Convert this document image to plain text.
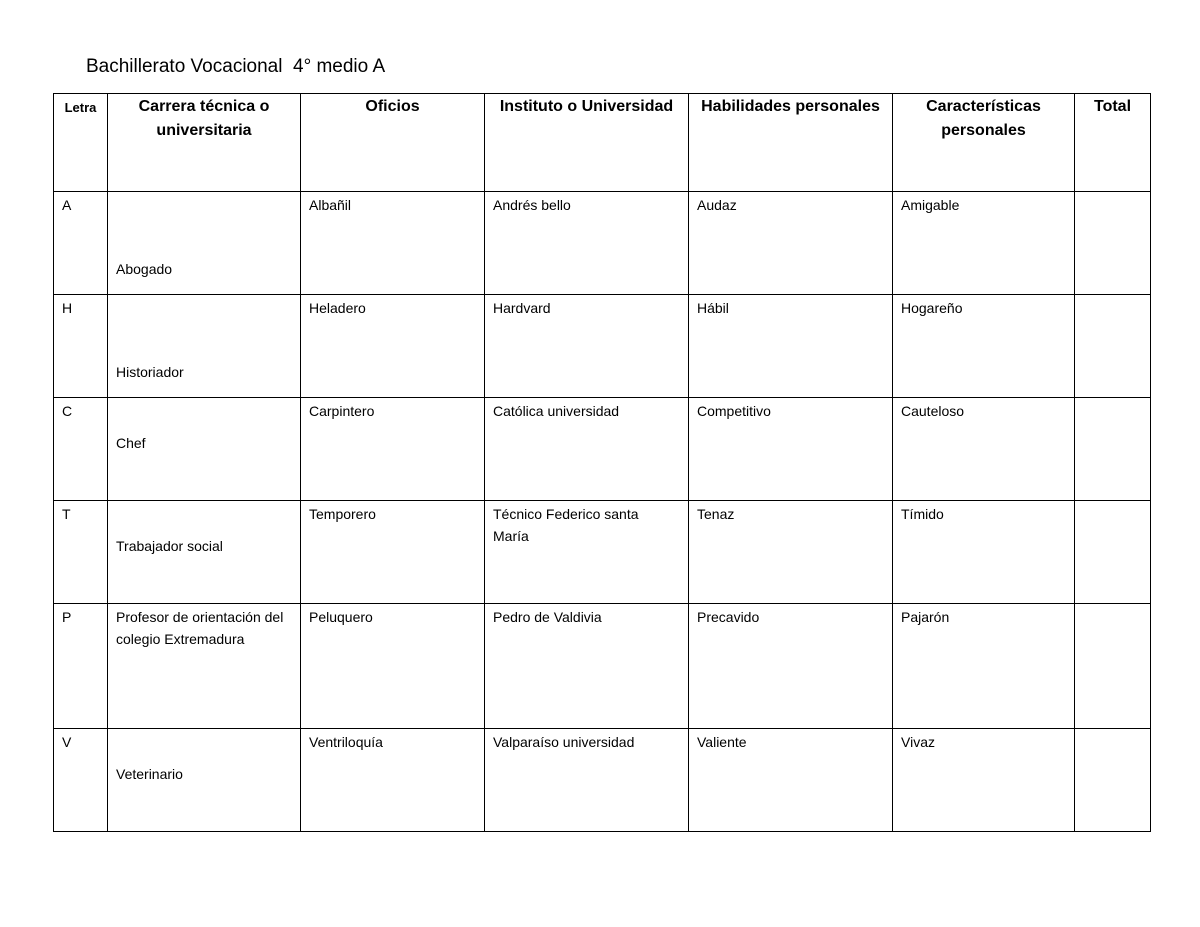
Bachillerato Vocacional  4° medio A
Letra	Carrera técnica o universitaria	Oficios	Instituto o Universidad	Habilidades personales	Características personales	Total

A	Abogado	Albañil	Andrés bello	Audaz	Amigable	

H	Historiador	Heladero	Hardvard	Hábil	Hogareño	

C	Chef	Carpintero	Católica universidad	Competitivo	Cauteloso	

T	Trabajador social	Temporero	Técnico Federico santa María	Tenaz	Tímido	

P	Profesor de orientación del colegio Extremadura	Peluquero	Pedro de Valdivia	Precavido	Pajarón	

V	Veterinario	Ventriloquía	Valparaíso universidad	Valiente	Vivaz	
